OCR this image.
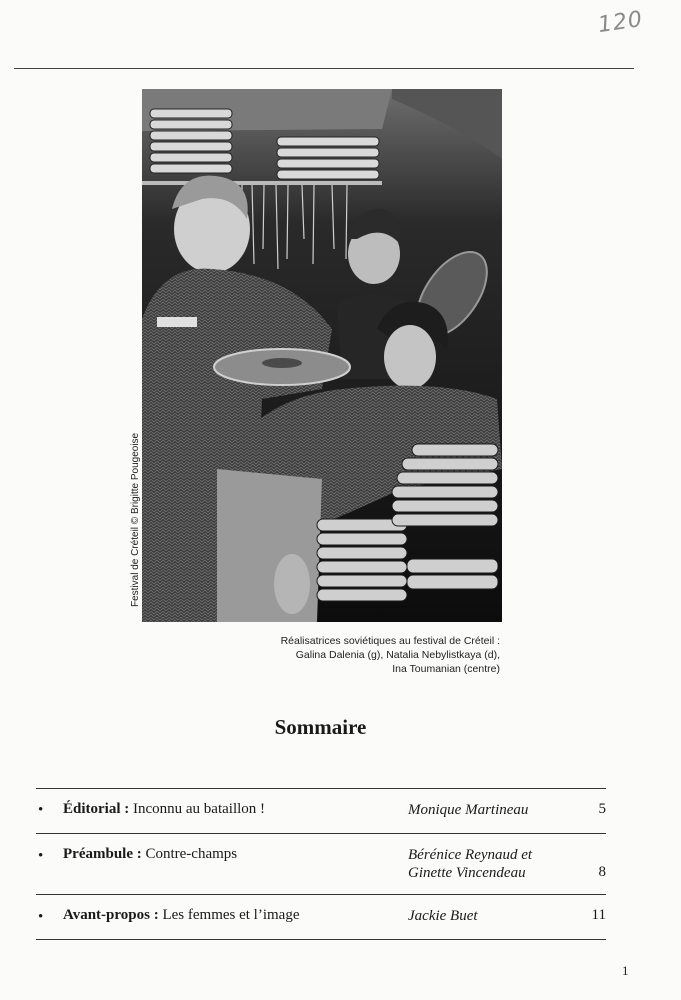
120
Festival de Créteil © Brigitte Pougeoise
Réalisatrices soviétiques au festival de Créteil :
Galina Dalenia (g), Natalia Nebylistkaya (d),
Ina Toumanian (centre)
Sommaire
• Éditorial : Inconnu au bataillon !	Monique Martineau	5
• Préambule : Contre-champs	Bérénice Reynaud et
Ginette Vincendeau	8
• Avant-propos : Les femmes et l’image	Jackie Buet	11
1
